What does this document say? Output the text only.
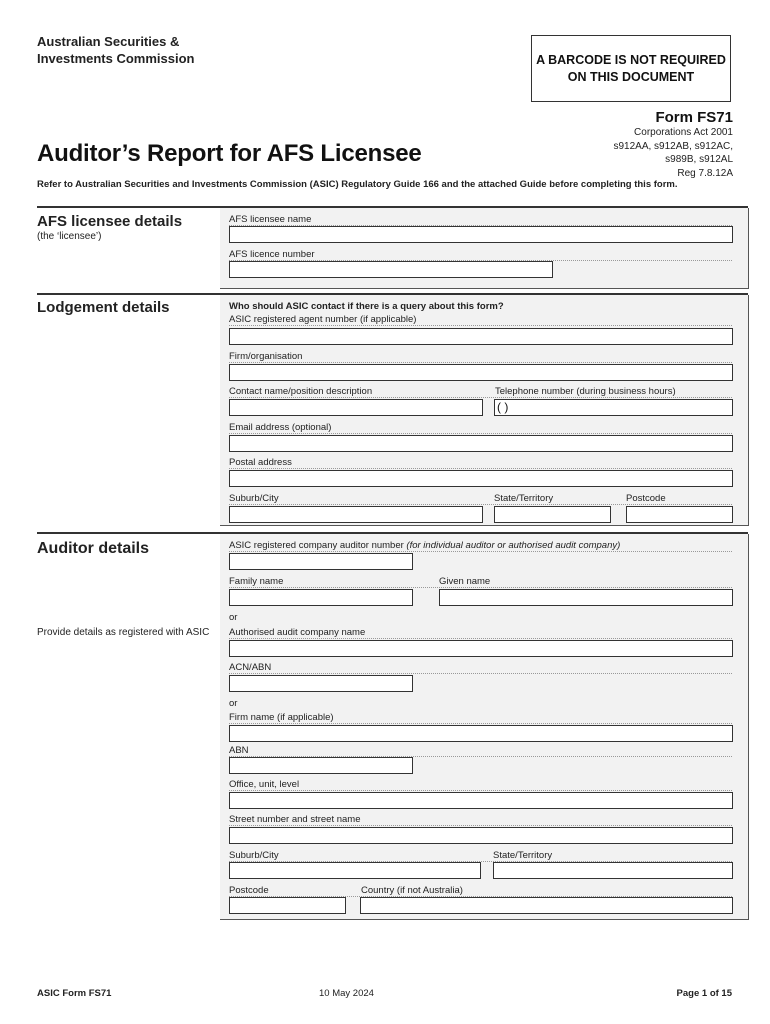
Australian Securities &
Investments Commission	A BARCODE IS NOT REQUIRED
ON THIS DOCUMENT
Form FS71
Corporations Act 2001
s912AA, s912AB, s912AC,
s989B, s912AL
Reg 7.8.12A
Auditor’s Report for AFS Licensee
Refer to Australian Securities and Investments Commission (ASIC) Regulatory Guide 166 and the attached Guide before completing this form.
AFS licensee details
(the ‘licensee’)
AFS licensee name
AFS licence number
Lodgement details	Who should ASIC contact if there is a query about this form?
ASIC registered agent number (if applicable)
Firm/organisation
Contact name/position description	Telephone number (during business hours)
( )
Email address (optional)
Postal address
Suburb/City	State/Territory	Postcode
Auditor details
Provide details as registered with ASIC
ASIC registered company auditor number (for individual auditor or authorised audit company)
Family name	Given name
or
Authorised audit company name
ACN/ABN
or
Firm name (if applicable)
ABN
Office, unit, level
Street number and street name
Suburb/City	State/Territory
Postcode	Country (if not Australia)
ASIC Form FS71	10 May 2024	Page 1 of 15
